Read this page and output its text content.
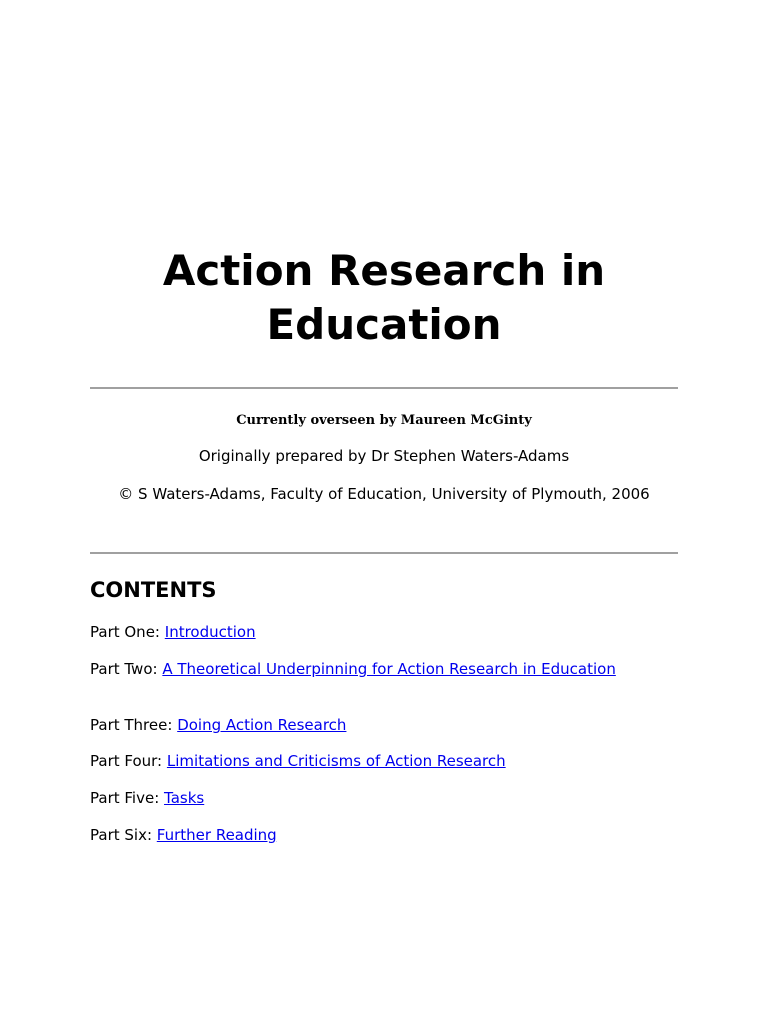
Action Research in Education
Currently overseen by Maureen McGinty
Originally prepared by Dr Stephen Waters-Adams
© S Waters-Adams, Faculty of Education, University of Plymouth, 2006
CONTENTS
Part One: Introduction
Part Two: A Theoretical Underpinning for Action Research in Education
Part Three: Doing Action Research
Part Four: Limitations and Criticisms of Action Research
Part Five: Tasks
Part Six: Further Reading
